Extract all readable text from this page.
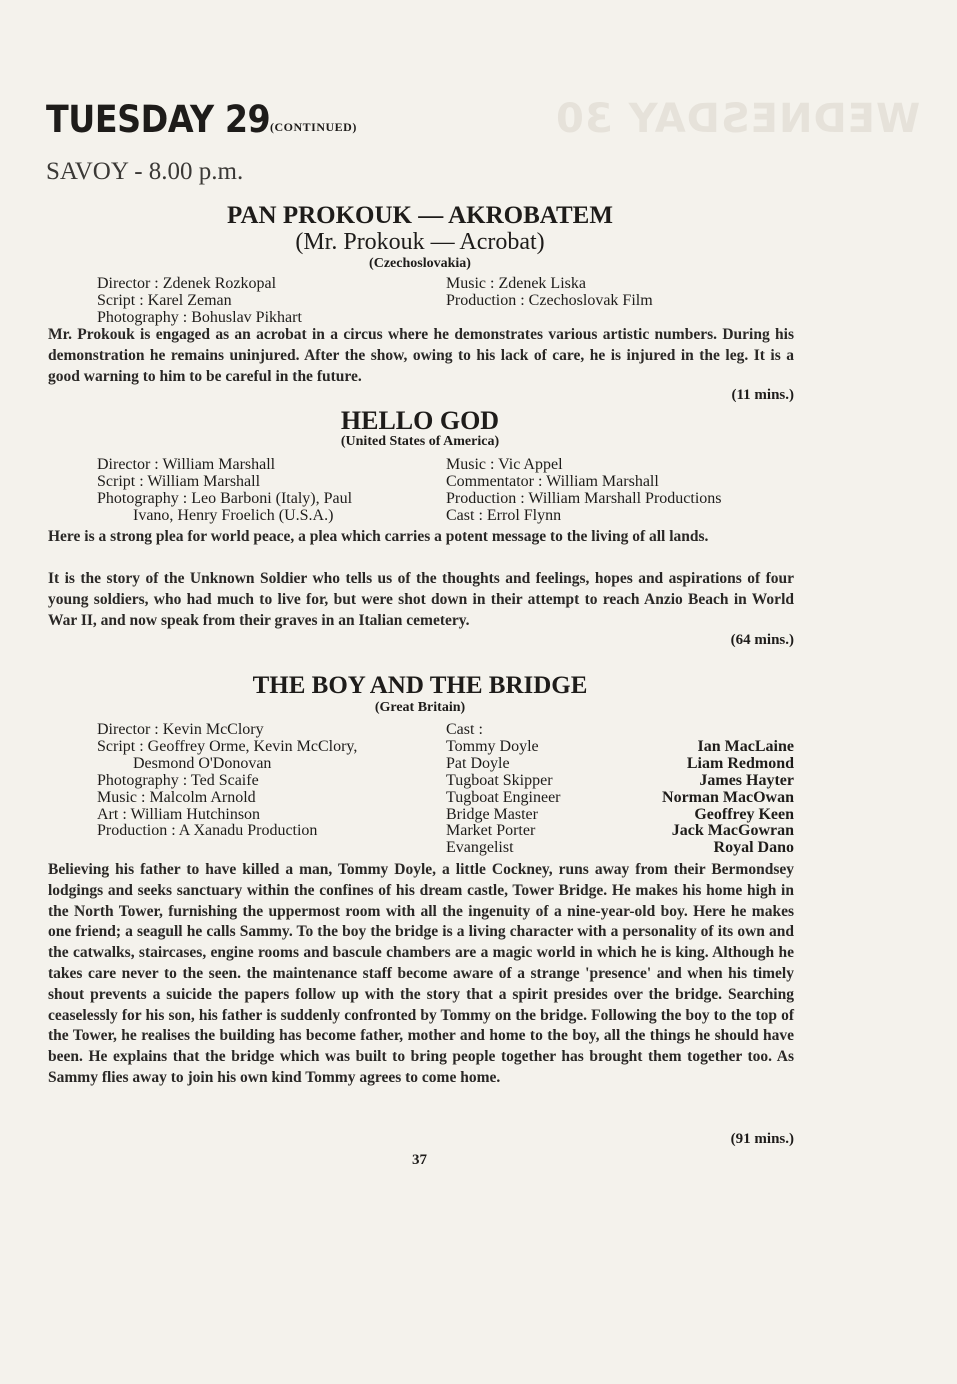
WEDNESDAY 30
TUESDAY 29 (CONTINUED)
SAVOY - 8.00 p.m.
PAN PROKOUK — AKROBATEM
(Mr. Prokouk — Acrobat)
(Czechoslovakia)
Director : Zdenek Rozkopal
Script : Karel Zeman
Photography : Bohuslav Pikhart
Music : Zdenek Liska
Production : Czechoslovak Film

Mr. Prokouk is engaged as an acrobat in a circus where he demonstrates various artistic numbers. During his demonstration he remains uninjured. After the show, owing to his lack of care, he is injured in the leg. It is a good warning to him to be careful in the future.

(11 mins.)
HELLO GOD
(United States of America)
Director : William Marshall
Script : William Marshall
Photography : Leo Barboni (Italy), Paul
Ivano, Henry Froelich (U.S.A.)
Music : Vic Appel
Commentator : William Marshall
Production : William Marshall Productions
Cast : Errol Flynn

Here is a strong plea for world peace, a plea which carries a potent message to the living of all lands.

It is the story of the Unknown Soldier who tells us of the thoughts and feelings, hopes and aspirations of four young soldiers, who had much to live for, but were shot down in their attempt to reach Anzio Beach in World War II, and now speak from their graves in an Italian cemetery.

(64 mins.)
THE BOY AND THE BRIDGE
(Great Britain)
Director : Kevin McClory
Script : Geoffrey Orme, Kevin McClory,
Desmond O'Donovan
Photography : Ted Scaife
Music : Malcolm Arnold
Art : William Hutchinson
Production : A Xanadu Production
Cast :
Tommy Doyle	Ian MacLaine
Pat Doyle	Liam Redmond
Tugboat Skipper	James Hayter
Tugboat Engineer	Norman MacOwan
Bridge Master	Geoffrey Keen
Market Porter	Jack MacGowran
Evangelist	Royal Dano

Believing his father to have killed a man, Tommy Doyle, a little Cockney, runs away from their Bermondsey lodgings and seeks sanctuary within the confines of his dream castle, Tower Bridge. He makes his home high in the North Tower, furnishing the uppermost room with all the ingenuity of a nine-year-old boy. Here he makes one friend; a seagull he calls Sammy. To the boy the bridge is a living character with a personality of its own and the catwalks, staircases, engine rooms and bascule chambers are a magic world in which he is king. Although he takes care never to the seen. the maintenance staff become aware of a strange 'presence' and when his timely shout prevents a suicide the papers follow up with the story that a spirit presides over the bridge. Searching ceaselessly for his son, his father is suddenly confronted by Tommy on the bridge. Following the boy to the top of the Tower, he realises the building has become father, mother and home to the boy, all the things he should have been. He explains that the bridge which was built to bring people together has brought them together too. As Sammy flies away to join his own kind Tommy agrees to come home.

(91 mins.)
37
